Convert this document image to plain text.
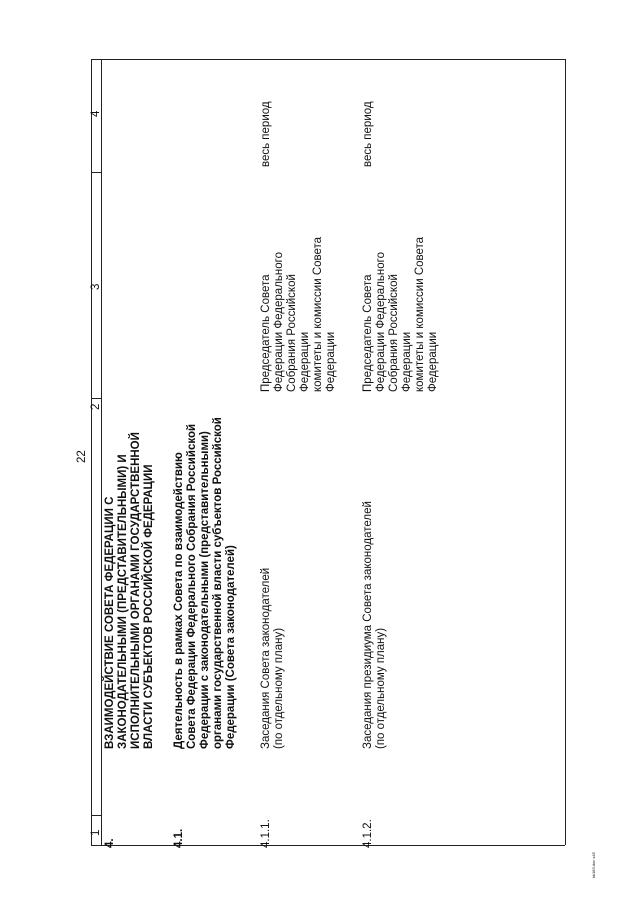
1
2
3
4
22
4.
ВЗАИМОДЕЙСТВИЕ СОВЕТА ФЕДЕРАЦИИ С ЗАКОНОДАТЕЛЬНЫМИ (ПРЕДСТАВИТЕЛЬНЫМИ) И ИСПОЛНИТЕЛЬНЫМИ ОРГАНАМИ ГОСУДАРСТВЕННОЙ ВЛАСТИ СУБЪЕКТОВ РОССИЙСКОЙ ФЕДЕРАЦИИ
4.1.
Деятельность в рамках Совета по взаимодействию Совета Федерации Федерального Собрания Российской Федерации с законодательными (представительными) органами государственной власти субъектов Российской Федерации (Совета законодателей)
4.1.1.
Заседания Совета законодателей (по отдельному плану)
Председатель Совета Федерации Федерального Собрания Российской Федерации комитеты и комиссии Совета Федерации
весь период
4.1.2.
Заседания президиума Совета законодателей (по отдельному плану)
Председатель Совета Федерации Федерального Собрания Российской Федерации комитеты и комиссии Совета Федерации
весь период
kk183.doc s45
